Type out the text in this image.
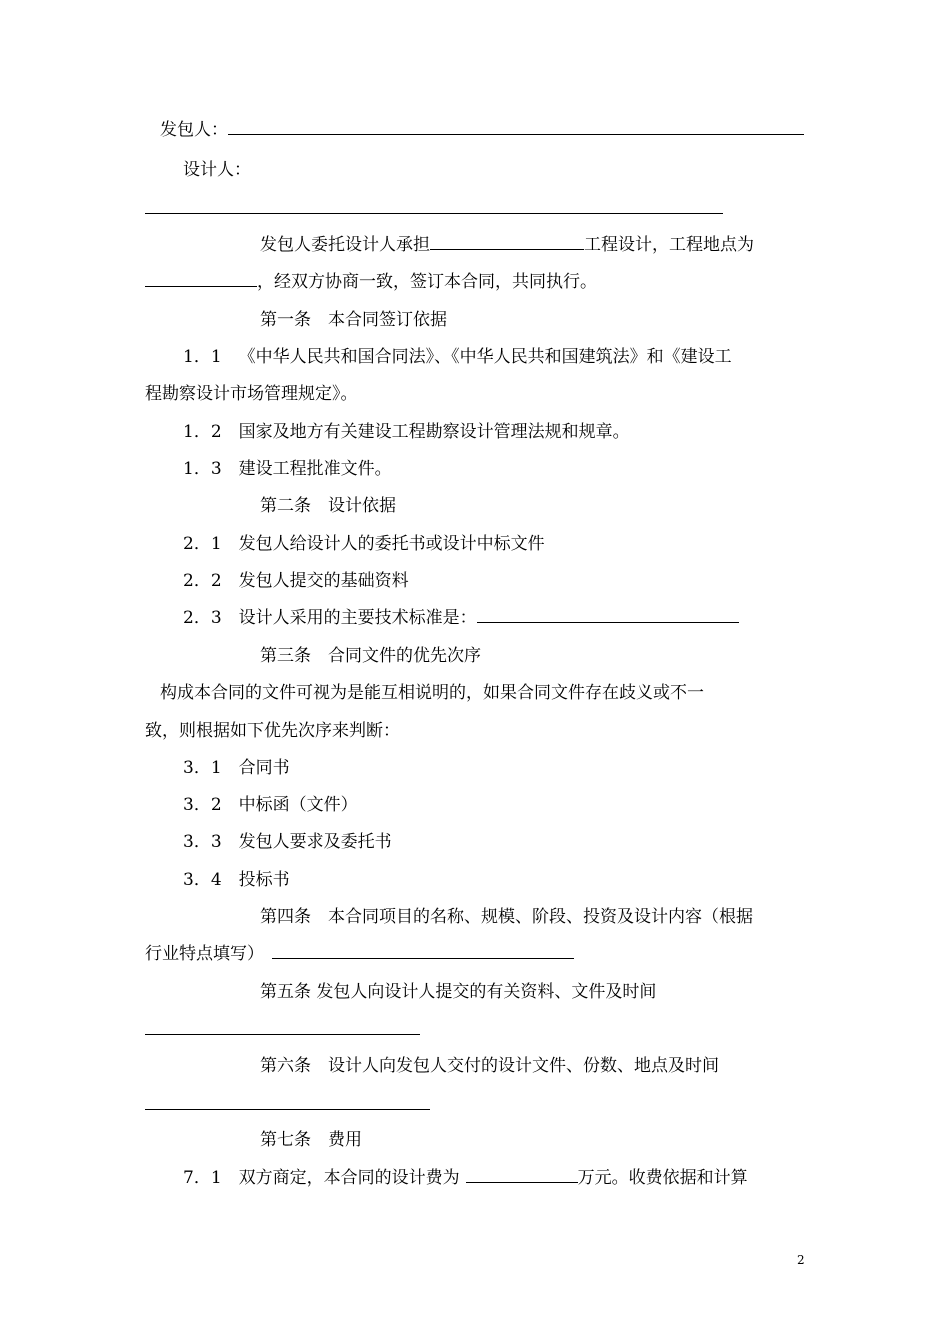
发包人：
设计人：
发包人委托设计人承担	工程设计，工程地点为
，经双方协商一致，签订本合同，共同执行。
第一条　本合同签订依据
1．1  《中华人民共和国合同法》、《中华人民共和国建筑法》和《建设工
程勘察设计市场管理规定》。
1．2  国家及地方有关建设工程勘察设计管理法规和规章。
1．3  建设工程批准文件。
第二条　设计依据
2．1  发包人给设计人的委托书或设计中标文件
2．2  发包人提交的基础资料
2．3  设计人采用的主要技术标准是：
第三条　合同文件的优先次序
构成本合同的文件可视为是能互相说明的，如果合同文件存在歧义或不一
致，则根据如下优先次序来判断：
3．1  合同书
3．2  中标函（文件）
3．3  发包人要求及委托书
3．4  投标书
第四条　本合同项目的名称、规模、阶段、投资及设计内容（根据
行业特点填写）
第五条 发包人向设计人提交的有关资料、文件及时间
第六条　设计人向发包人交付的设计文件、份数、地点及时间
第七条　费用
7．1  双方商定，本合同的设计费为	万元。收费依据和计算
2
